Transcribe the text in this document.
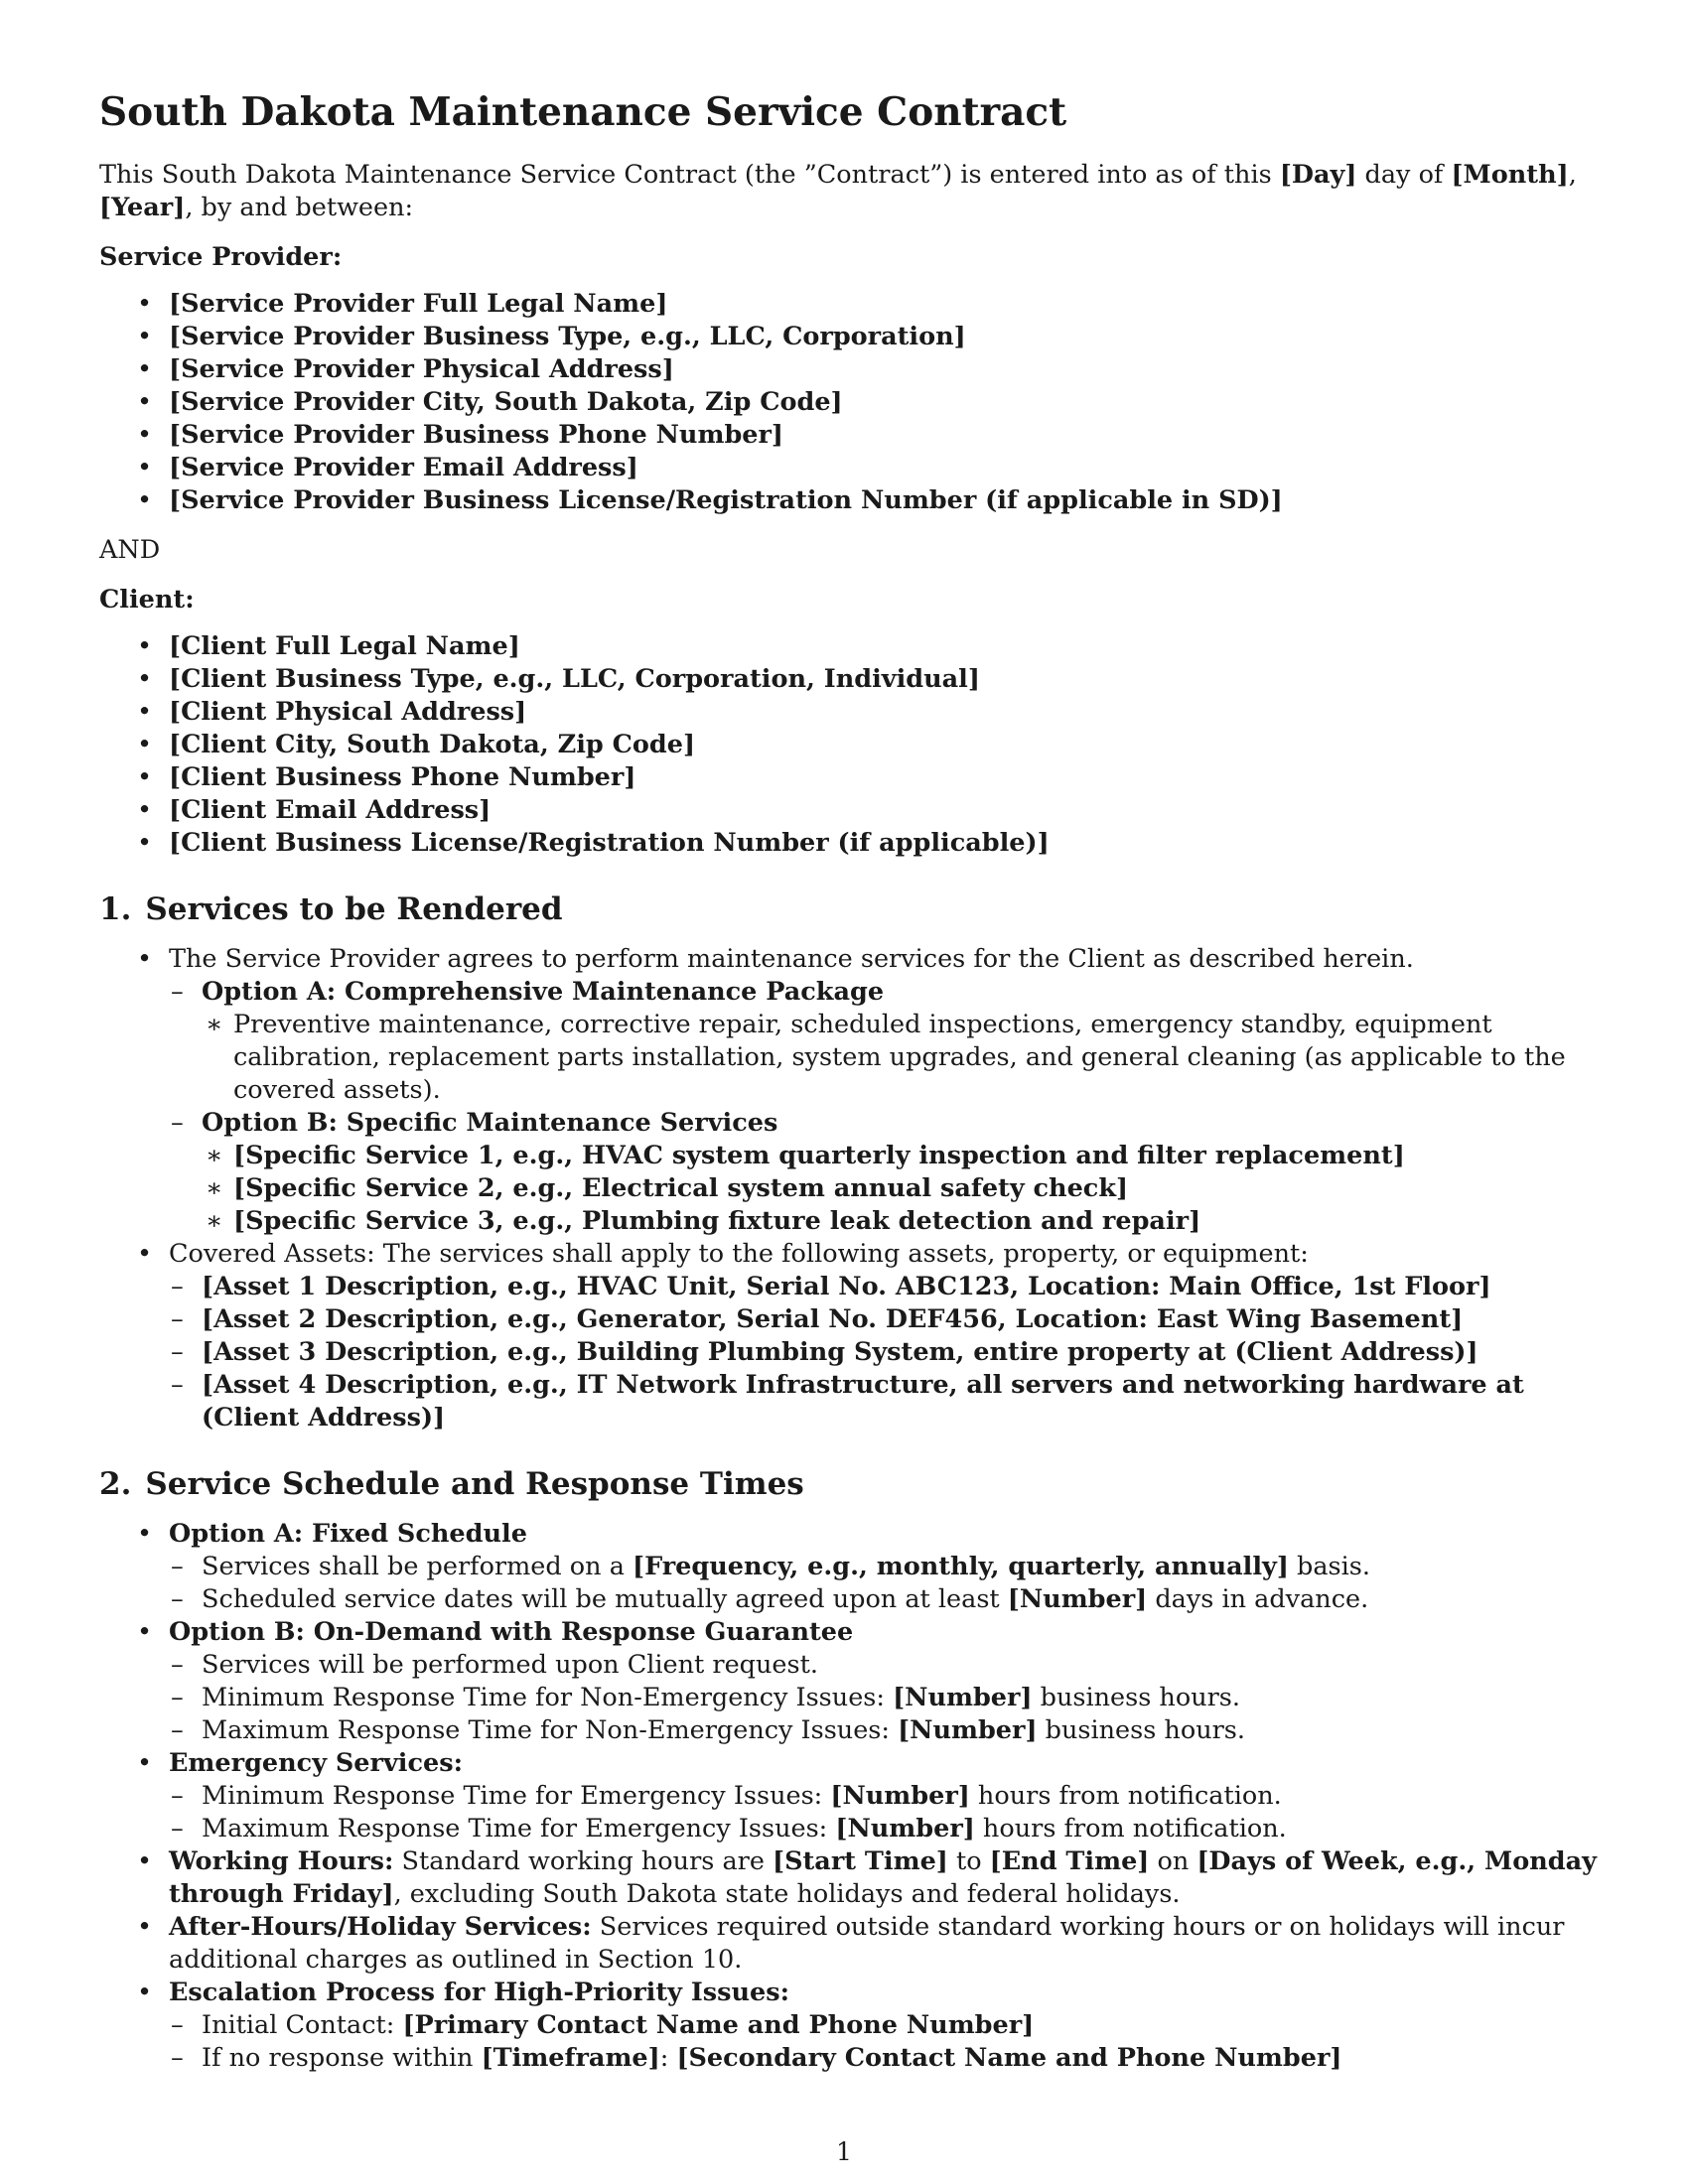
South Dakota Maintenance Service Contract

This South Dakota Maintenance Service Contract (the ”Contract”) is entered into as of this [Day] day of [Month], [Year], by and between:

Service Provider:

• [Service Provider Full Legal Name]
• [Service Provider Business Type, e.g., LLC, Corporation]
• [Service Provider Physical Address]
• [Service Provider City, South Dakota, Zip Code]
• [Service Provider Business Phone Number]
• [Service Provider Email Address]
• [Service Provider Business License/Registration Number (if applicable in SD)]

AND

Client:

• [Client Full Legal Name]
• [Client Business Type, e.g., LLC, Corporation, Individual]
• [Client Physical Address]
• [Client City, South Dakota, Zip Code]
• [Client Business Phone Number]
• [Client Email Address]
• [Client Business License/Registration Number (if applicable)]
1. Services to be Rendered
• The Service Provider agrees to perform maintenance services for the Client as described herein.
– Option A: Comprehensive Maintenance Package
∗ Preventive maintenance, corrective repair, scheduled inspections, emergency standby, equipment calibration, replacement parts installation, system upgrades, and general cleaning (as applicable to the covered assets).
– Option B: Specific Maintenance Services
∗ [Specific Service 1, e.g., HVAC system quarterly inspection and filter replacement]
∗ [Specific Service 2, e.g., Electrical system annual safety check]
∗ [Specific Service 3, e.g., Plumbing fixture leak detection and repair]
• Covered Assets: The services shall apply to the following assets, property, or equipment:
– [Asset 1 Description, e.g., HVAC Unit, Serial No. ABC123, Location: Main Office, 1st Floor]
– [Asset 2 Description, e.g., Generator, Serial No. DEF456, Location: East Wing Basement]
– [Asset 3 Description, e.g., Building Plumbing System, entire property at (Client Address)]
– [Asset 4 Description, e.g., IT Network Infrastructure, all servers and networking hardware at (Client Address)]
2. Service Schedule and Response Times
• Option A: Fixed Schedule
– Services shall be performed on a [Frequency, e.g., monthly, quarterly, annually] basis.
– Scheduled service dates will be mutually agreed upon at least [Number] days in advance.
• Option B: On-Demand with Response Guarantee
– Services will be performed upon Client request.
– Minimum Response Time for Non-Emergency Issues: [Number] business hours.
– Maximum Response Time for Non-Emergency Issues: [Number] business hours.
• Emergency Services:
– Minimum Response Time for Emergency Issues: [Number] hours from notification.
– Maximum Response Time for Emergency Issues: [Number] hours from notification.
• Working Hours: Standard working hours are [Start Time] to [End Time] on [Days of Week, e.g., Monday through Friday], excluding South Dakota state holidays and federal holidays.
• After-Hours/Holiday Services: Services required outside standard working hours or on holidays will incur additional charges as outlined in Section 10.
• Escalation Process for High-Priority Issues:
– Initial Contact: [Primary Contact Name and Phone Number]
– If no response within [Timeframe]: [Secondary Contact Name and Phone Number]
1
